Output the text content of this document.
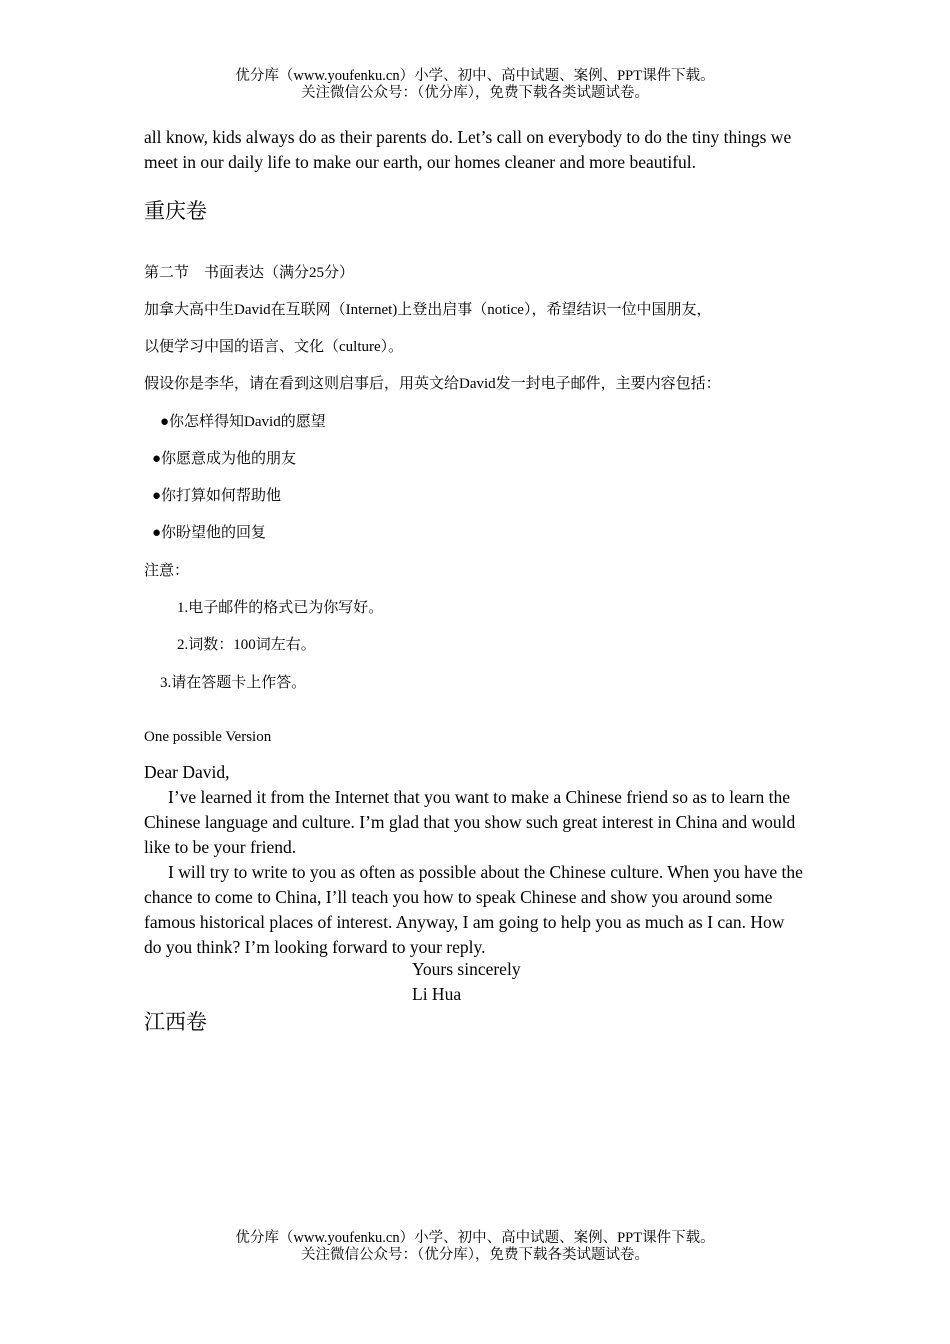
优分库（www.youfenku.cn）小学、初中、高中试题、案例、PPT课件下载。
关注微信公众号：（优分库），免费下载各类试题试卷。

all know, kids always do as their parents do. Let’s call on everybody to do the tiny things we meet in our daily life to make our earth, our homes cleaner and more beautiful.

重庆卷

第二节　书面表达（满分25分）
加拿大高中生David在互联网（Internet)上登出启事（notice），希望结识一位中国朋友，
以便学习中国的语言、文化（culture）。
假设你是李华，请在看到这则启事后，用英文给David发一封电子邮件，主要内容包括：
●你怎样得知David的愿望
●你愿意成为他的朋友
●你打算如何帮助他
●你盼望他的回复
注意：
1.电子邮件的格式已为你写好。
2.词数：100词左右。
3.请在答题卡上作答。
One possible Version

Dear David,

I’ve learned it from the Internet that you want to make a Chinese friend so as to learn the Chinese language and culture. I’m glad that you show such great interest in China and would like to be your friend.

I will try to write to you as often as possible about the Chinese culture. When you have the chance to come to China, I’ll teach you how to speak Chinese and show you around some famous historical places of interest. Anyway, I am going to help you as much as I can. How do you think? I’m looking forward to your reply.

Yours sincerely
Li Hua

江西卷

优分库（www.youfenku.cn）小学、初中、高中试题、案例、PPT课件下载。
关注微信公众号：（优分库），免费下载各类试题试卷。
